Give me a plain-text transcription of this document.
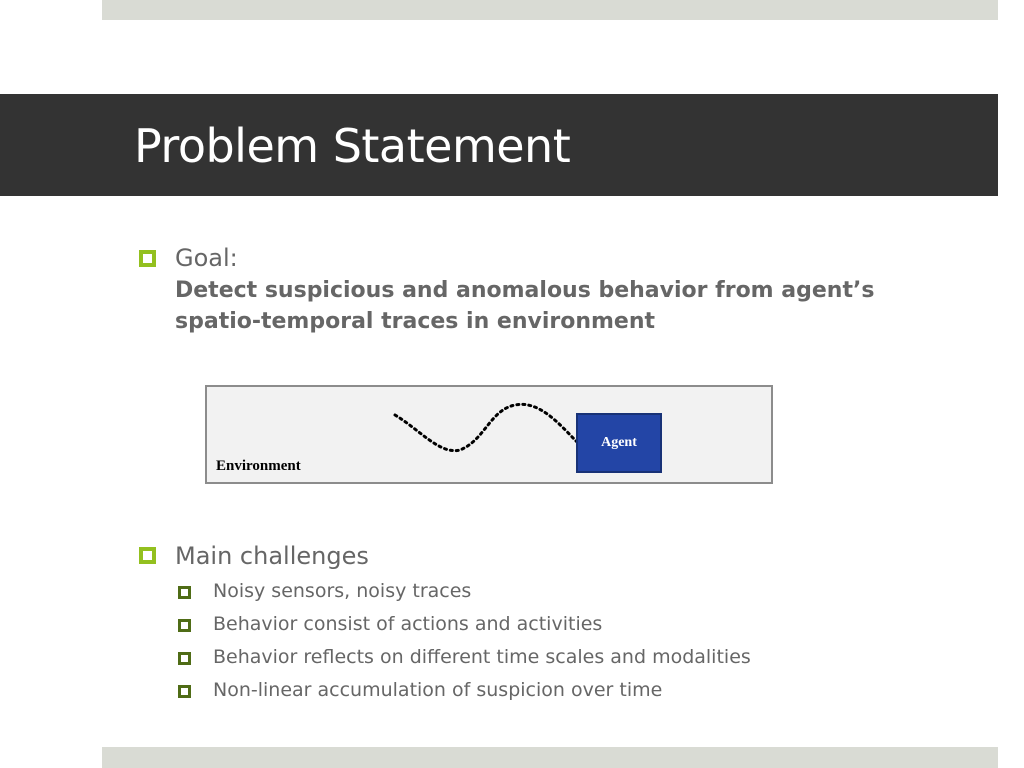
Problem Statement
Goal:
Detect suspicious and anomalous behavior from agent’s
spatio-temporal traces in environment
Agent
Environment
Main challenges
Noisy sensors, noisy traces
Behavior consist of actions and activities
Behavior reflects on different time scales and modalities
Non-linear accumulation of suspicion over time
